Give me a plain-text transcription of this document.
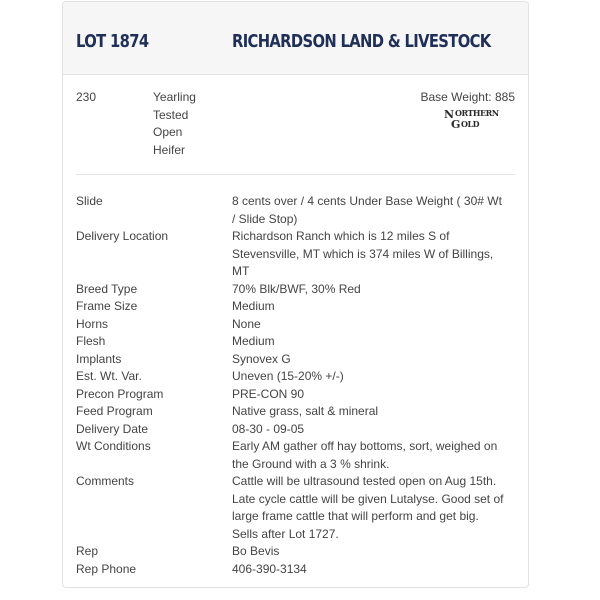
LOT 1874	RICHARDSON LAND & LIVESTOCK
230	Yearling
Tested
Open
Heifer
Base Weight: 885
N ORTHERN
G OLD
Slide	8 cents over / 4 cents Under Base Weight ( 30# Wt / Slide Stop)
Delivery Location	Richardson Ranch which is 12 miles S of Stevensville, MT which is 374 miles W of Billings, MT
Breed Type	70% Blk/BWF, 30% Red
Frame Size	Medium
Horns	None
Flesh	Medium
Implants	Synovex G
Est. Wt. Var.	Uneven (15-20% +/-)
Precon Program	PRE-CON 90
Feed Program	Native grass, salt & mineral
Delivery Date	08-30 - 09-05
Wt Conditions	Early AM gather off hay bottoms, sort, weighed on the Ground with a 3 % shrink.
Comments	Cattle will be ultrasound tested open on Aug 15th. Late cycle cattle will be given Lutalyse. Good set of large frame cattle that will perform and get big. Sells after Lot 1727.
Rep	Bo Bevis
Rep Phone	406-390-3134
